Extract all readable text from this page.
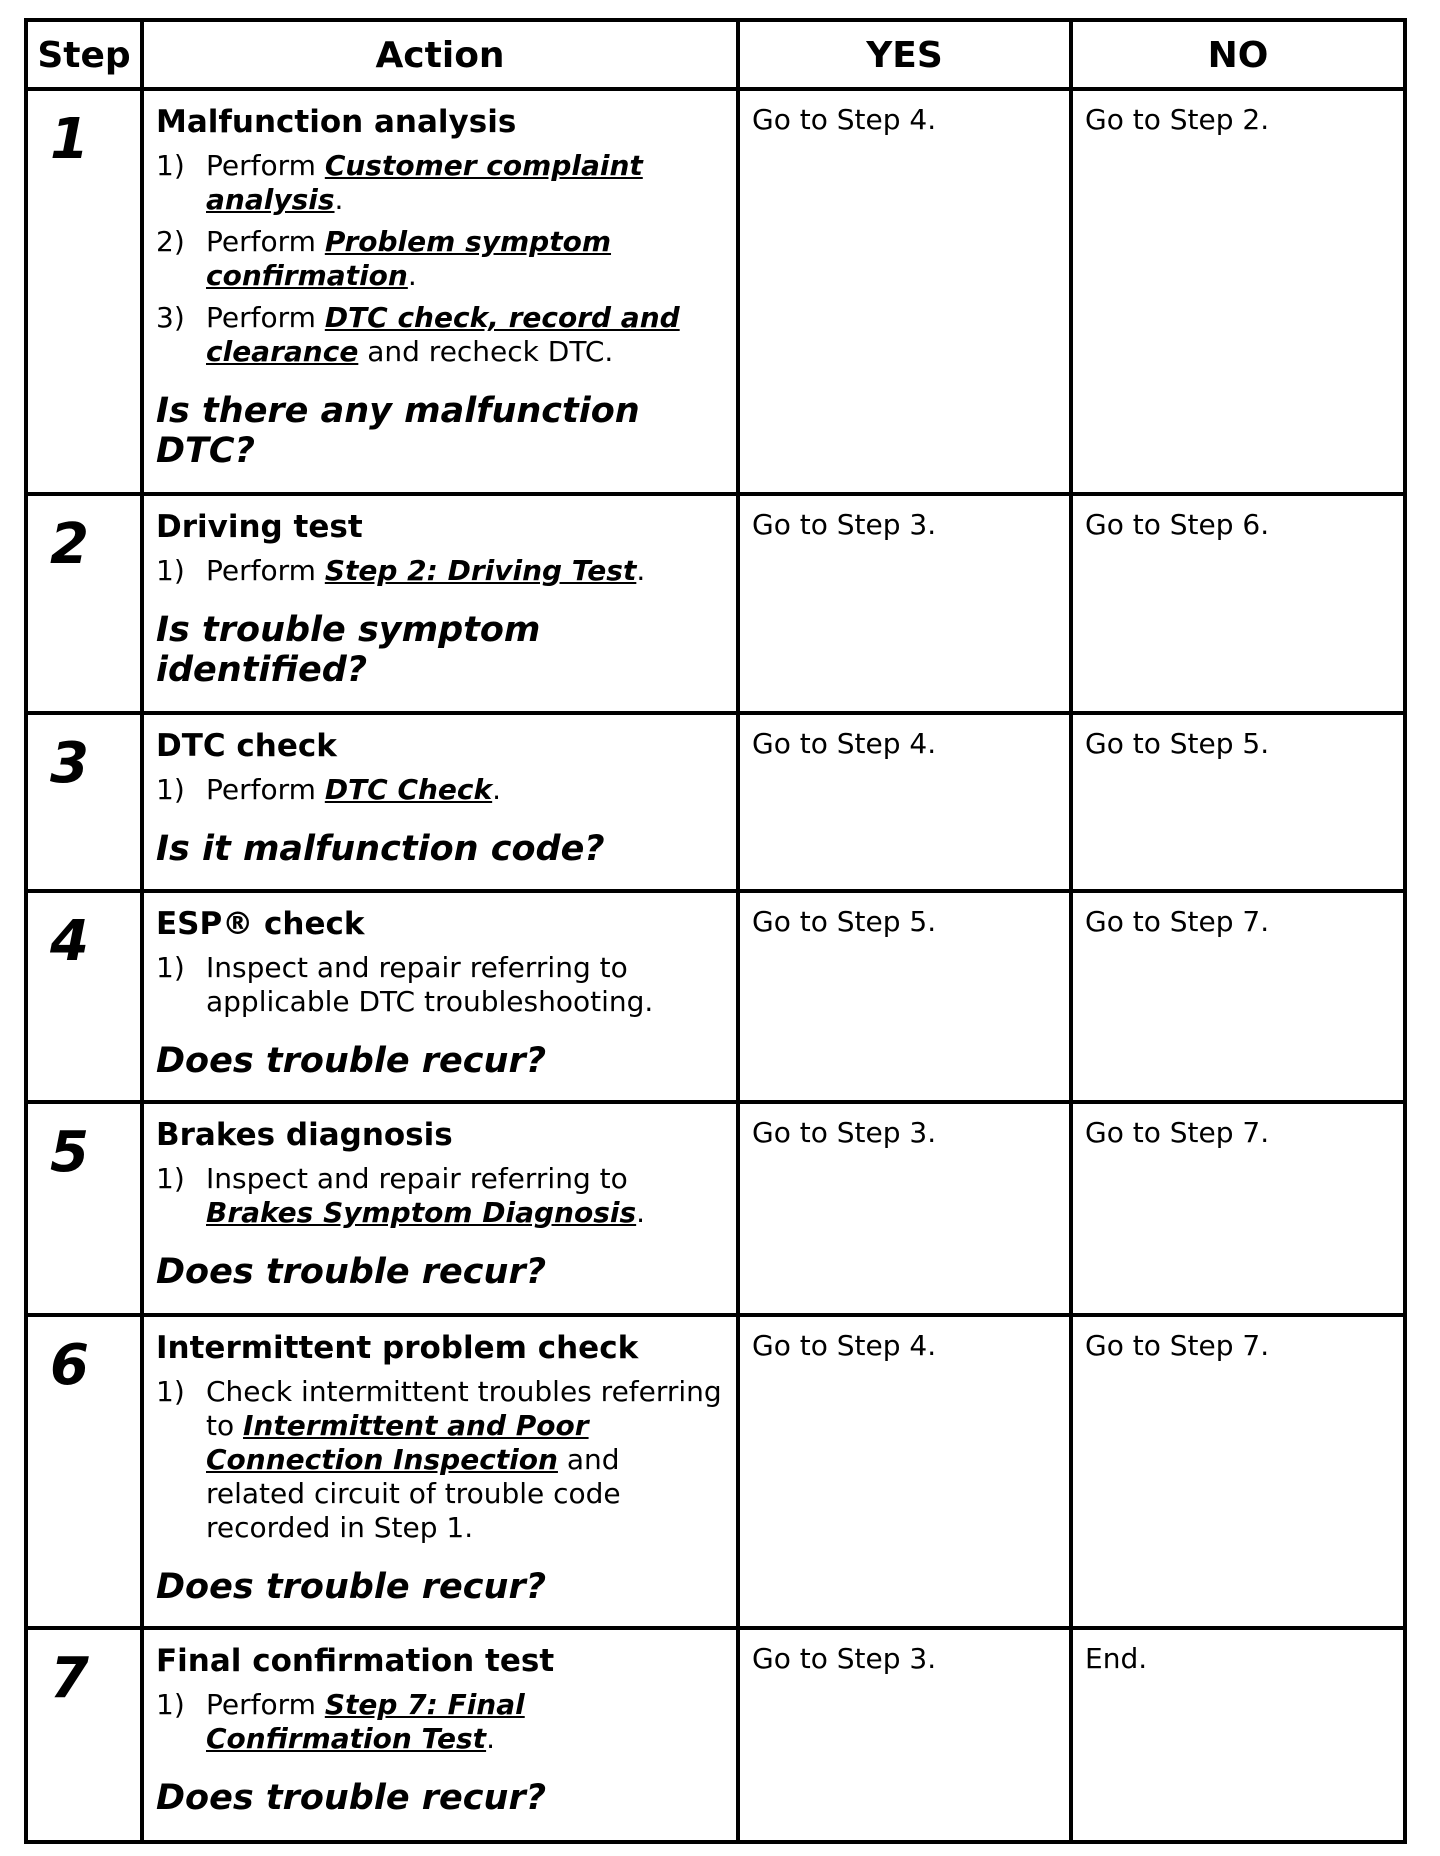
Step	Action	YES	NO
1 Malfunction analysis
1) Perform Customer complaint analysis.
2) Perform Problem symptom confirmation.
3) Perform DTC check, record and clearance and recheck DTC.
Is there any malfunction DTC?
Go to Step 4.	Go to Step 2.
2 Driving test
1) Perform Step 2: Driving Test.
Is trouble symptom identified?
Go to Step 3.	Go to Step 6.
3 DTC check
1) Perform DTC Check.
Is it malfunction code?
Go to Step 4.	Go to Step 5.
4 ESP® check
1) Inspect and repair referring to applicable DTC troubleshooting.
Does trouble recur?
Go to Step 5.	Go to Step 7.
5 Brakes diagnosis
1) Inspect and repair referring to Brakes Symptom Diagnosis.
Does trouble recur?
Go to Step 3.	Go to Step 7.
6 Intermittent problem check
1) Check intermittent troubles referring to Intermittent and Poor Connection Inspection and related circuit of trouble code recorded in Step 1.
Does trouble recur?
Go to Step 4.	Go to Step 7.
7 Final confirmation test
1) Perform Step 7: Final Confirmation Test.
Does trouble recur?
Go to Step 3.	End.
